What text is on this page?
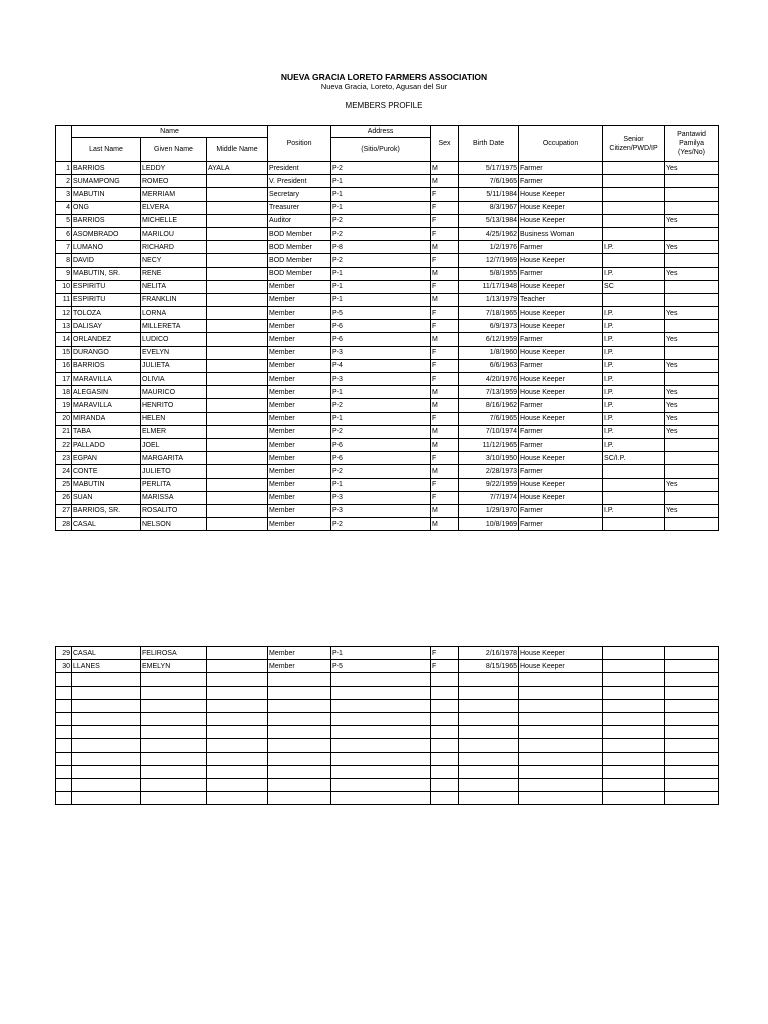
NUEVA GRACIA LORETO FARMERS ASSOCIATION
Nueva Gracia, Loreto, Agusan del Sur
MEMBERS PROFILE
	Name			Position	Address	Sex	Birth Date	Occupation	Senior Citizen/PWD/IP	Pantawid Pamilya (Yes/No)
	Last Name	Given Name	Middle Name		(Sitio/Purok)					
1	BARRIOS	LEDDY	AYALA	President	P-2	M	5/17/1975	Farmer		Yes
2	SUMAMPONG	ROMEO		V. President	P-1	M	7/6/1965	Farmer		
3	MABUTIN	MERRIAM		Secretary	P-1	F	5/11/1984	House Keeper		
4	ONG	ELVERA		Treasurer	P-1	F	8/3/1967	House Keeper		
5	BARRIOS	MICHELLE		Auditor	P-2	F	5/13/1984	House Keeper		Yes
6	ASOMBRADO	MARILOU		BOD Member	P-2	F	4/25/1962	Business Woman		
7	LUMANO	RICHARD		BOD Member	P-8	M	1/2/1976	Farmer	I.P.	Yes
8	DAVID	NECY		BOD Member	P-2	F	12/7/1969	House Keeper		
9	MABUTIN, SR.	RENE		BOD Member	P-1	M	5/8/1955	Farmer	I.P.	Yes
10	ESPIRITU	NELITA		Member	P-1	F	11/17/1948	House Keeper	SC	
11	ESPIRITU	FRANKLIN		Member	P-1	M	1/13/1979	Teacher		
12	TOLOZA	LORNA		Member	P-5	F	7/18/1965	House Keeper	I.P.	Yes
13	DALISAY	MILLERETA		Member	P-6	F	6/9/1973	House Keeper	I.P.	
14	ORLANDEZ	LUDICO		Member	P-6	M	6/12/1959	Farmer	I.P.	Yes
15	DURANGO	EVELYN		Member	P-3	F	1/8/1960	House Keeper	I.P.	
16	BARRIOS	JULIETA		Member	P-4	F	6/6/1963	Farmer	I.P.	Yes
17	MARAVILLA	OLIVIA		Member	P-3	F	4/20/1976	House Keeper	I.P.	
18	ALEGASIN	MAURICO		Member	P-1	M	7/13/1959	House Keeper	I.P.	Yes
19	MARAVILLA	HENRITO		Member	P-2	M	8/16/1962	Farmer	I.P.	Yes
20	MIRANDA	HELEN		Member	P-1	F	7/6/1965	House Keeper	I.P.	Yes
21	TABA	ELMER		Member	P-2	M	7/10/1974	Farmer	I.P.	Yes
22	PALLADO	JOEL		Member	P-6	M	11/12/1965	Farmer	I.P.	
23	EGPAN	MARGARITA		Member	P-6	F	3/10/1950	House Keeper	SC/I.P.	
24	CONTE	JULIETO		Member	P-2	M	2/28/1973	Farmer		
25	MABUTIN	PERLITA		Member	P-1	F	9/22/1959	House Keeper		Yes
26	SUAN	MARISSA		Member	P-3	F	7/7/1974	House Keeper		
27	BARRIOS, SR.	ROSALITO		Member	P-3	M	1/29/1970	Farmer	I.P.	Yes
28	CASAL	NELSON		Member	P-2	M	10/8/1969	Farmer		
29	CASAL	FELIROSA		Member	P-1	F	2/16/1978	House Keeper		
30	LLANES	EMELYN		Member	P-5	F	8/15/1965	House Keeper		
